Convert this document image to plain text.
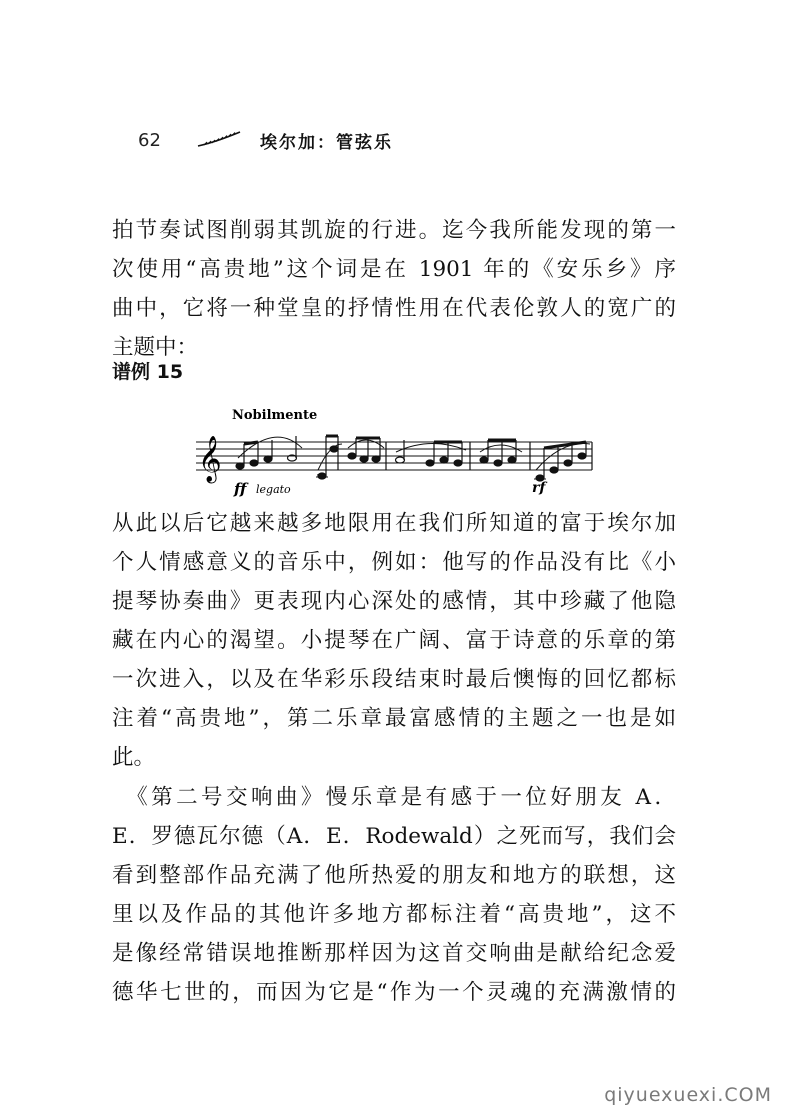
62	埃尔加：管弦乐
拍节奏试图削弱其凯旋的行进。迄今我所能发现的第一
次使用“高贵地”这个词是在 1901 年的《安乐乡》序
曲中，它将一种堂皇的抒情性用在代表伦敦人的宽广的
主题中：
谱例 15
Nobilmente
𝄞
ff legato	rf
从此以后它越来越多地限用在我们所知道的富于埃尔加
个人情感意义的音乐中，例如：他写的作品没有比《小
提琴协奏曲》更表现内心深处的感情，其中珍藏了他隐
藏在内心的渴望。小提琴在广阔、富于诗意的乐章的第
一次进入，以及在华彩乐段结束时最后懊悔的回忆都标
注着“高贵地”，第二乐章最富感情的主题之一也是如
此。
　《第二号交响曲》慢乐章是有感于一位好朋友 A．
E．罗德瓦尔德（A．E．Rodewald）之死而写，我们会
看到整部作品充满了他所热爱的朋友和地方的联想，这
里以及作品的其他许多地方都标注着“高贵地”，这不
是像经常错误地推断那样因为这首交响曲是献给纪念爱
德华七世的，而因为它是“作为一个灵魂的充满激情的
qiyuexuexi.COM
